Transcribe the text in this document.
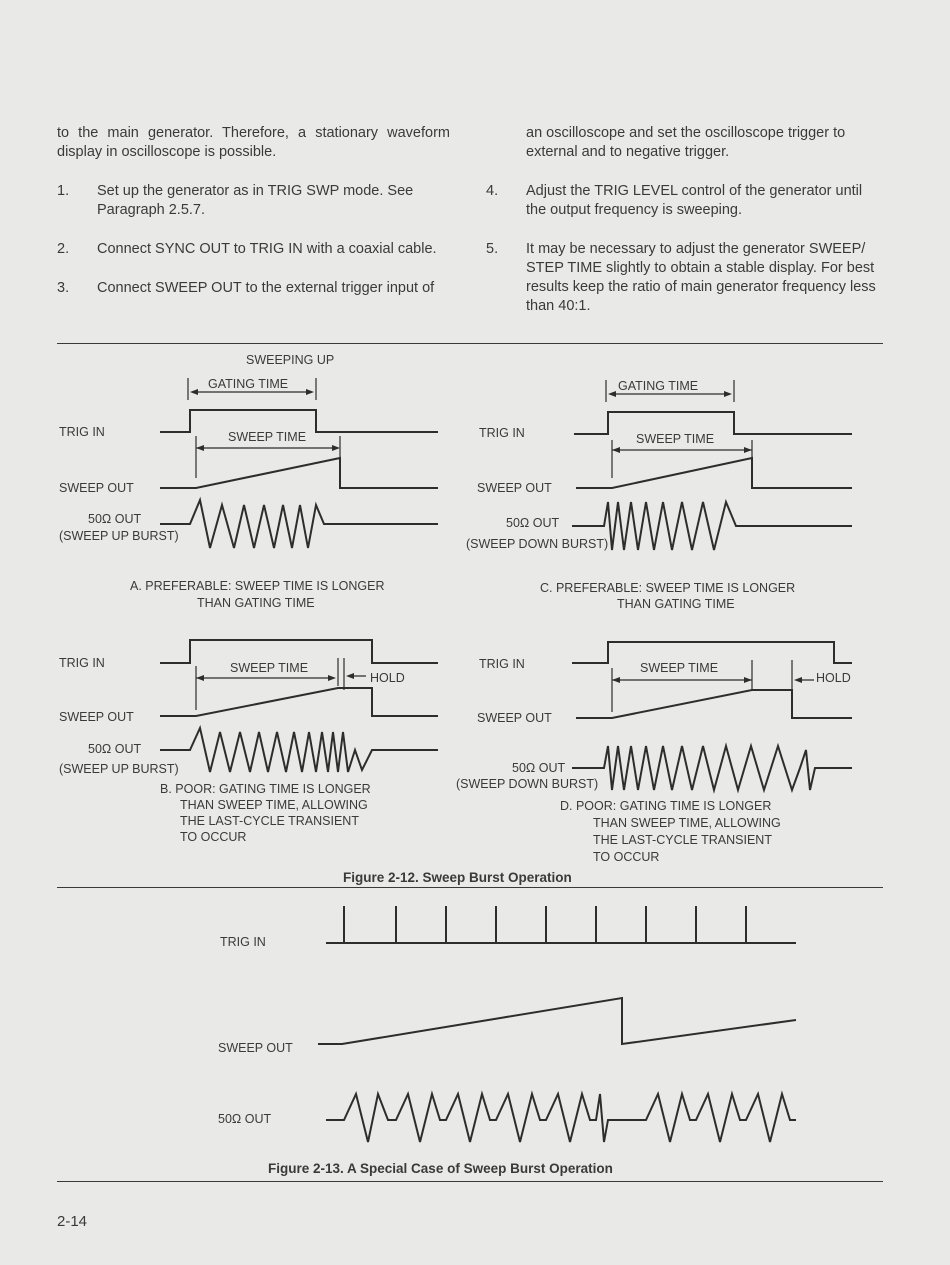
to the main generator. Therefore, a stationary waveform display in oscilloscope is possible.

1.	Set up the generator as in TRIG SWP mode. See Paragraph 2.5.7.
2.	Connect SYNC OUT to TRIG IN with a coaxial cable.
3.	Connect SWEEP OUT to the external trigger input of

an oscilloscope and set the oscilloscope trigger to external and to negative trigger.

4.	Adjust the TRIG LEVEL control of the generator until the output frequency is sweeping.
5.	It may be necessary to adjust the generator SWEEP/ STEP TIME slightly to obtain a stable display. For best results keep the ratio of main generator frequency less than 40:1.
SWEEPING UP
GATING TIME
TRIG IN	SWEEP TIME
SWEEP OUT
50Ω OUT
(SWEEP UP BURST)
A. PREFERABLE: SWEEP TIME IS LONGER
THAN GATING TIME
GATING TIME
TRIG IN	SWEEP TIME
SWEEP OUT
50Ω OUT
(SWEEP DOWN BURST)
C. PREFERABLE: SWEEP TIME IS LONGER
THAN GATING TIME
TRIG IN	SWEEP TIME
HOLD
SWEEP OUT
50Ω OUT
(SWEEP UP BURST)
B. POOR: GATING TIME IS LONGER
THAN SWEEP TIME, ALLOWING
THE LAST-CYCLE TRANSIENT
TO OCCUR
TRIG IN	SWEEP TIME
HOLD
SWEEP OUT
50Ω OUT
(SWEEP DOWN BURST)
D. POOR: GATING TIME IS LONGER
THAN SWEEP TIME, ALLOWING
THE LAST-CYCLE TRANSIENT
TO OCCUR
Figure 2-12. Sweep Burst Operation
TRIG IN
SWEEP OUT
50Ω OUT
Figure 2-13. A Special Case of Sweep Burst Operation
2-14
